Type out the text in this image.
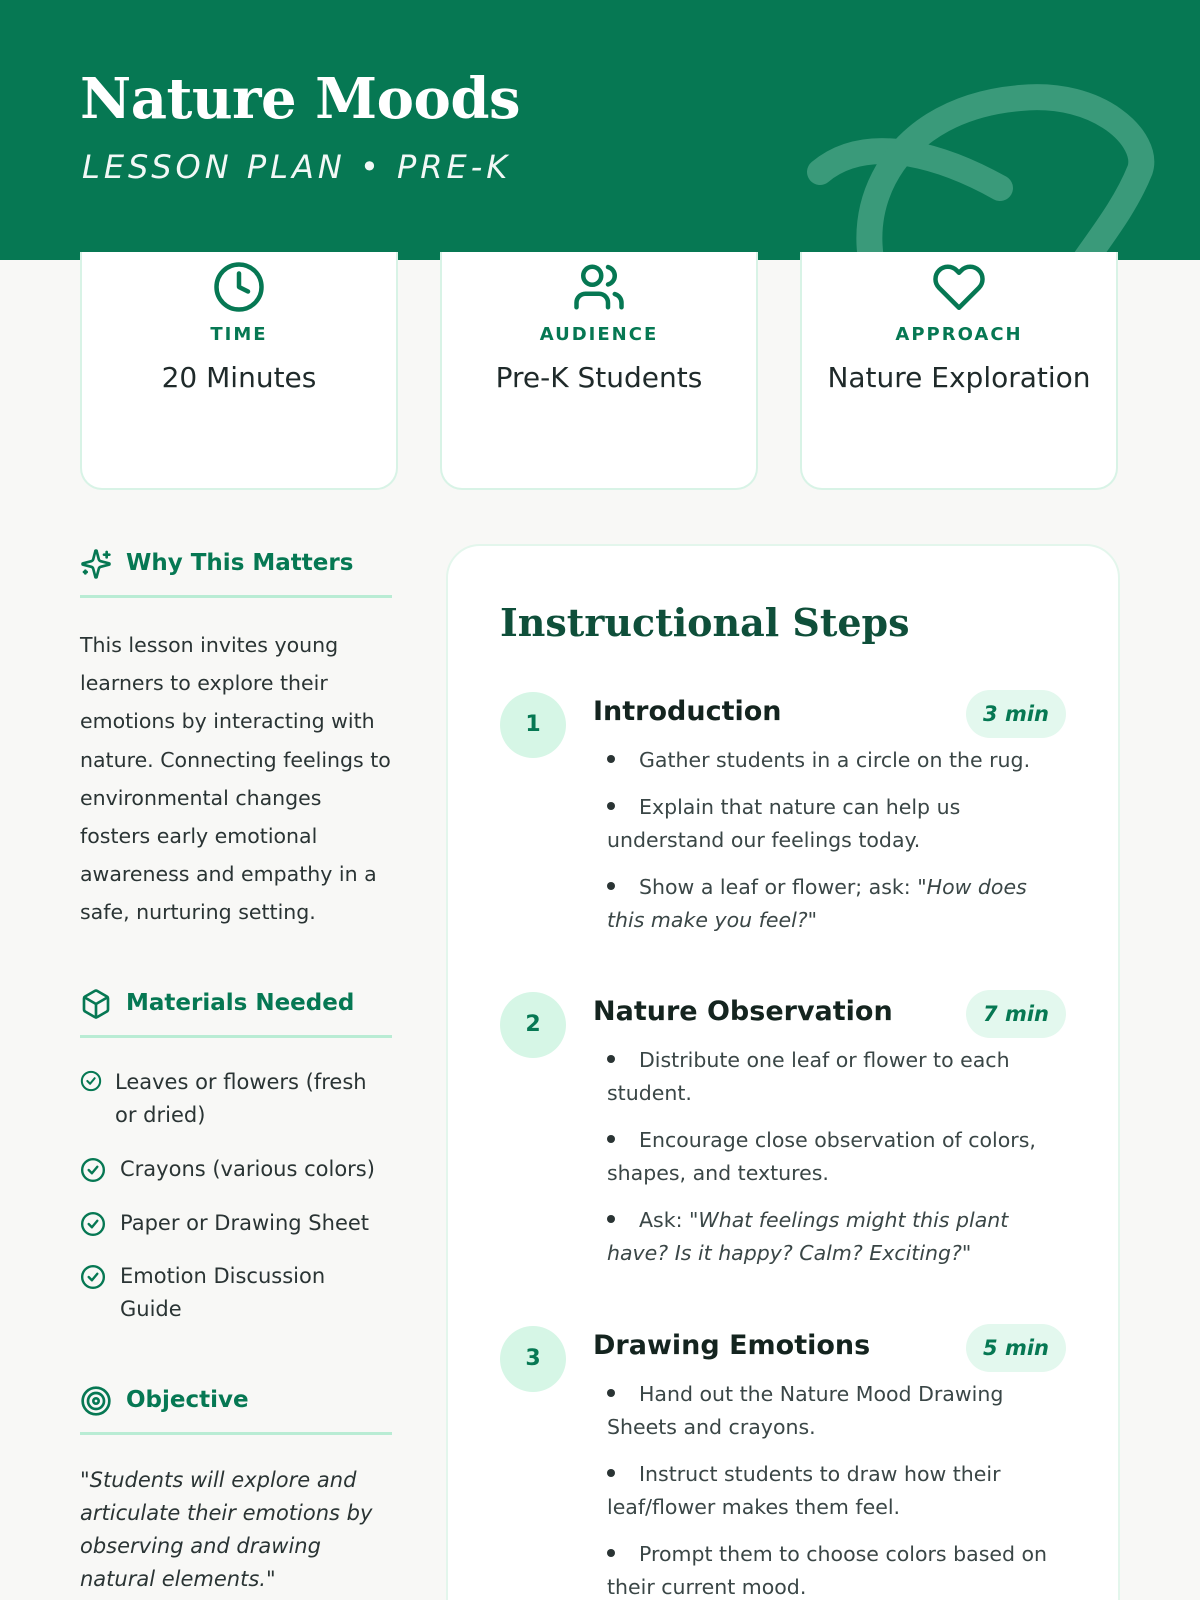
Nature Moods
LESSON PLAN • PRE-K
TIME
20 Minutes
AUDIENCE
Pre-K Students
APPROACH
Nature Exploration
Why This Matters
This lesson invites young learners to explore their emotions by interacting with nature. Connecting feelings to environmental changes fosters early emotional awareness and empathy in a safe, nurturing setting.
Materials Needed
Leaves or flowers (fresh or dried)
Crayons (various colors)
Paper or Drawing Sheet
Emotion Discussion Guide
Objective
"Students will explore and articulate their emotions by observing and drawing natural elements."
Instructional Steps
1	Introduction	3 min
Gather students in a circle on the rug.
Explain that nature can help us understand our feelings today.
Show a leaf or flower; ask: "How does this make you feel?"
2	Nature Observation	7 min
Distribute one leaf or flower to each student.
Encourage close observation of colors, shapes, and textures.
Ask: "What feelings might this plant have? Is it happy? Calm? Exciting?"
3	Drawing Emotions	5 min
Hand out the Nature Mood Drawing Sheets and crayons.
Instruct students to draw how their leaf/flower makes them feel.
Prompt them to choose colors based on their current mood.
